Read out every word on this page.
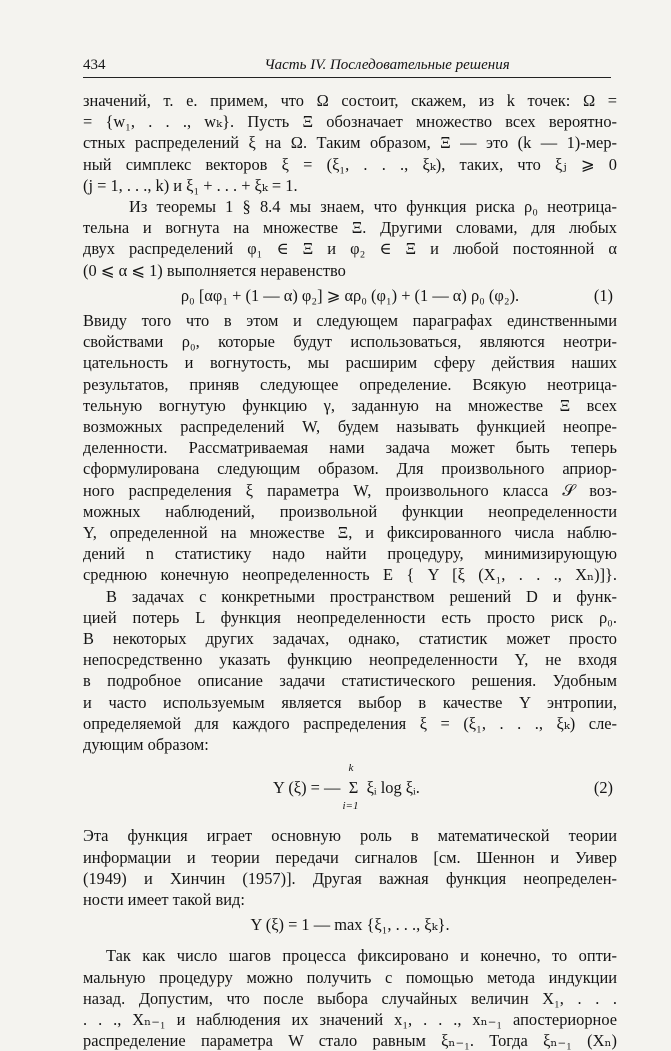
434	Часть IV. Последовательные решения
значений, т. е. примем, что Ω состоит, скажем, из k точек: Ω =
= {w₁, . . ., wₖ}. Пусть Ξ обозначает множество всех вероятно-
стных распределений ξ на Ω. Таким образом, Ξ — это (k — 1)-мер-
ный симплекс векторов ξ = (ξ₁, . . ., ξₖ), таких, что ξⱼ ⩾ 0
(j = 1, . . ., k) и ξ₁ + . . . + ξₖ = 1.
Из теоремы 1 § 8.4 мы знаем, что функция риска ρ₀ неотрица-
тельна и вогнута на множестве Ξ. Другими словами, для любых
двух распределений φ₁ ∈ Ξ и φ₂ ∈ Ξ и любой постоянной α
(0 ⩽ α ⩽ 1) выполняется неравенство
ρ₀ [αφ₁ + (1 — α) φ₂] ⩾ αρ₀ (φ₁) + (1 — α) ρ₀ (φ₂).	(1)
Ввиду того что в этом и следующем параграфах единственными
свойствами ρ₀, которые будут использоваться, являются неотри-
цательность и вогнутость, мы расширим сферу действия наших
результатов, приняв следующее определение. Всякую неотрица-
тельную вогнутую функцию γ, заданную на множестве Ξ всех
возможных распределений W, будем называть функцией неопре-
деленности. Рассматриваемая нами задача может быть теперь
сформулирована следующим образом. Для произвольного априор-
ного распределения ξ параметра W, произвольного класса 𝒮 воз-
можных наблюдений, произвольной функции неопределенности
Υ, определенной на множестве Ξ, и фиксированного числа наблю-
дений n статистику надо найти процедуру, минимизирующую
среднюю конечную неопределенность E { Υ [ξ (X₁, . . ., Xₙ)]}.
В задачах с конкретными пространством решений D и функ-
цией потерь L функция неопределенности есть просто риск ρ₀.
В некоторых других задачах, однако, статистик может просто
непосредственно указать функцию неопределенности Υ, не входя
в подробное описание задачи статистического решения. Удобным
и часто используемым является выбор в качестве Υ энтропии,
определяемой для каждого распределения ξ = (ξ₁, . . ., ξₖ) сле-
дующим образом:
Υ (ξ) = —
k
Σ
i=1
ξᵢ log ξᵢ.	(2)
Эта функция играет основную роль в математической теории
информации и теории передачи сигналов [см. Шеннон и Уивер
(1949) и Хинчин (1957)]. Другая важная функция неопределен-
ности имеет такой вид:
Υ (ξ) = 1 — max {ξ₁, . . ., ξₖ}.
Так как число шагов процесса фиксировано и конечно, то опти-
мальную процедуру можно получить с помощью метода индукции
назад. Допустим, что после выбора случайных величин X₁, . . .
. . ., Xₙ₋₁ и наблюдения их значений x₁, . . ., xₙ₋₁ апостериорное
распределение параметра W стало равным ξₙ₋₁. Тогда ξₙ₋₁ (Xₙ)
